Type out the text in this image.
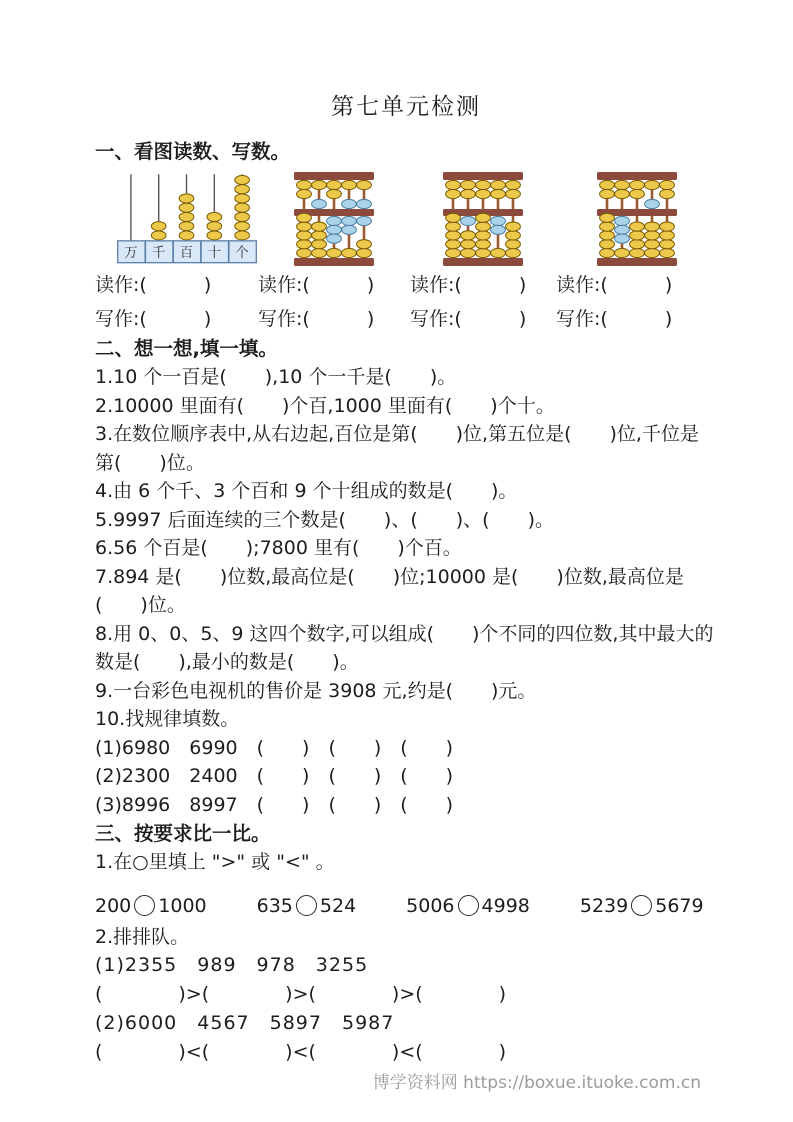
第七单元检测
一、看图读数、写数。
万 千 百 十 个
读作:(　　　)	读作:(　　　)	读作:(　　　)	读作:(　　　)
写作:(　　　)	写作:(　　　)	写作:(　　　)	写作:(　　　)
二、想一想,填一填。
1.10 个一百是(　　),10 个一千是(　　)。
2.10000 里面有(　　)个百,1000 里面有(　　)个十。
3.在数位顺序表中,从右边起,百位是第(　　)位,第五位是(　　)位,千位是第(　　)位。
4.由 6 个千、3 个百和 9 个十组成的数是(　　)。
5.9997 后面连续的三个数是(　　)、(　　)、(　　)。
6.56 个百是(　　);7800 里有(　　)个百。
7.894 是(　　)位数,最高位是(　　)位;10000 是(　　)位数,最高位是(　　)位。
8.用 0、0、5、9 这四个数字,可以组成(　　)个不同的四位数,其中最大的数是(　　),最小的数是(　　)。
9.一台彩色电视机的售价是 3908 元,约是(　　)元。
10.找规律填数。
(1)6980　6990　(　　)　(　　)　(　　)
(2)2300　2400　(　　)　(　　)　(　　)
(3)8996　8997　(　　)　(　　)　(　　)
三、按要求比一比。
1.在○里填上 ">" 或 "<" 。
200 1000	635 524	5006 4998	5239 5679
2.排排队。
(1)2355　989　978　3255
(　　　　)>(　　　　)>(　　　　)>(　　　　)
(2)6000　4567　5897　5987
(　　　　)<(　　　　)<(　　　　)<(　　　　)
博学资料网 https://boxue.ituoke.com.cn
